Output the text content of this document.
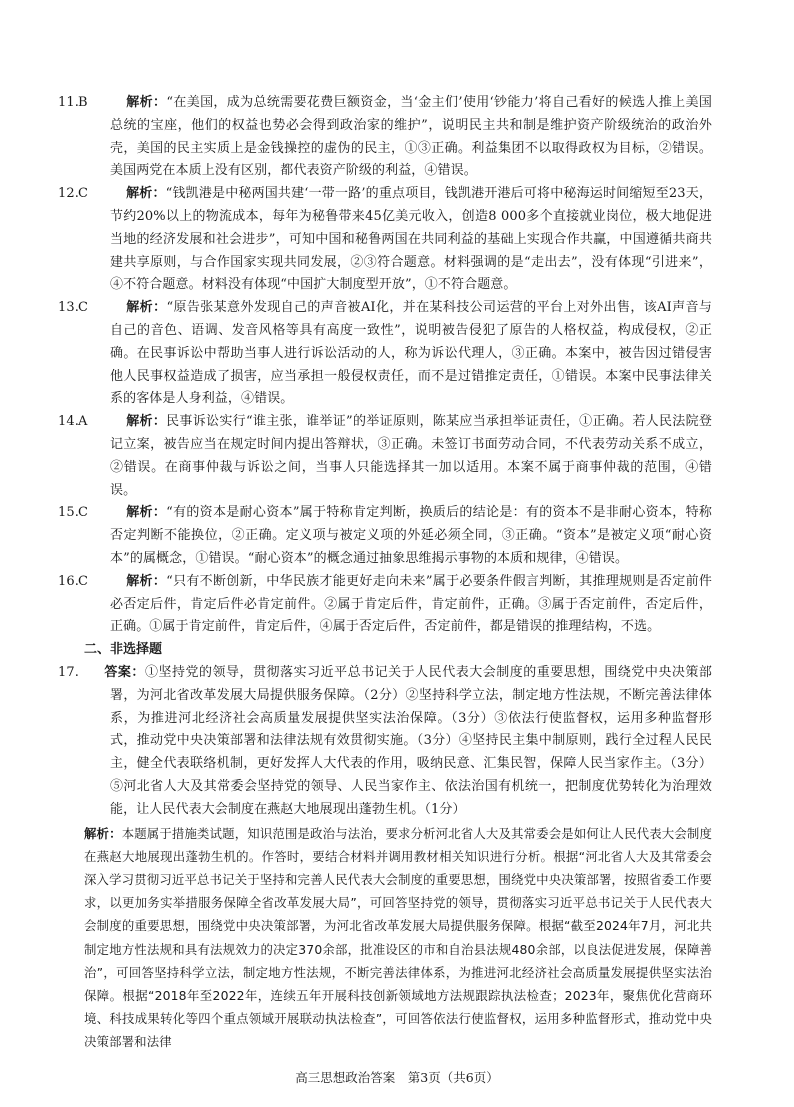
11.B	解析：“在美国，成为总统需要花费巨额资金，当‘金主们’使用‘钞能力’将自己看好的候选人推上美国总统的宝座，他们的权益也势必会得到政治家的维护”，说明民主共和制是维护资产阶级统治的政治外壳，美国的民主实质上是金钱操控的虚伪的民主，①③正确。利益集团不以取得政权为目标，②错误。美国两党在本质上没有区别，都代表资产阶级的利益，④错误。
12.C	解析：“钱凯港是中秘两国共建‘一带一路’的重点项目，钱凯港开港后可将中秘海运时间缩短至23天，节约20%以上的物流成本，每年为秘鲁带来45亿美元收入，创造8 000多个直接就业岗位，极大地促进当地的经济发展和社会进步”，可知中国和秘鲁两国在共同利益的基础上实现合作共赢，中国遵循共商共建共享原则，与合作国家实现共同发展，②③符合题意。材料强调的是“走出去”，没有体现“引进来”，④不符合题意。材料没有体现“中国扩大制度型开放”，①不符合题意。
13.C	解析：“原告张某意外发现自己的声音被AI化，并在某科技公司运营的平台上对外出售，该AI声音与自己的音色、语调、发音风格等具有高度一致性”，说明被告侵犯了原告的人格权益，构成侵权，②正确。在民事诉讼中帮助当事人进行诉讼活动的人，称为诉讼代理人，③正确。本案中，被告因过错侵害他人民事权益造成了损害，应当承担一般侵权责任，而不是过错推定责任，①错误。本案中民事法律关系的客体是人身利益，④错误。
14.A	解析：民事诉讼实行“谁主张，谁举证”的举证原则，陈某应当承担举证责任，①正确。若人民法院登记立案，被告应当在规定时间内提出答辩状，③正确。未签订书面劳动合同，不代表劳动关系不成立，②错误。在商事仲裁与诉讼之间，当事人只能选择其一加以适用。本案不属于商事仲裁的范围，④错误。
15.C	解析：“有的资本是耐心资本”属于特称肯定判断，换质后的结论是：有的资本不是非耐心资本，特称否定判断不能换位，②正确。定义项与被定义项的外延必须全同，③正确。“资本”是被定义项“耐心资本”的属概念，①错误。“耐心资本”的概念通过抽象思维揭示事物的本质和规律，④错误。
16.C	解析：“只有不断创新，中华民族才能更好走向未来”属于必要条件假言判断，其推理规则是否定前件必否定后件，肯定后件必肯定前件。②属于肯定后件，肯定前件，正确。③属于否定前件，否定后件，正确。①属于肯定前件，肯定后件，④属于否定后件，否定前件，都是错误的推理结构，不选。

二、非选择题

17. 答案：①坚持党的领导，贯彻落实习近平总书记关于人民代表大会制度的重要思想，围绕党中央决策部署，为河北省改革发展大局提供服务保障。（2分）②坚持科学立法，制定地方性法规，不断完善法律体系，为推进河北经济社会高质量发展提供坚实法治保障。（3分）③依法行使监督权，运用多种监督形式，推动党中央决策部署和法律法规有效贯彻实施。（3分）④坚持民主集中制原则，践行全过程人民民主，健全代表联络机制，更好发挥人大代表的作用，吸纳民意、汇集民智，保障人民当家作主。（3分）⑤河北省人大及其常委会坚持党的领导、人民当家作主、依法治国有机统一，把制度优势转化为治理效能，让人民代表大会制度在燕赵大地展现出蓬勃生机。（1分）
解析：本题属于措施类试题，知识范围是政治与法治，要求分析河北省人大及其常委会是如何让人民代表大会制度在燕赵大地展现出蓬勃生机的。作答时，要结合材料并调用教材相关知识进行分析。根据“河北省人大及其常委会深入学习贯彻习近平总书记关于坚持和完善人民代表大会制度的重要思想，围绕党中央决策部署，按照省委工作要求，以更加务实举措服务保障全省改革发展大局”，可回答坚持党的领导，贯彻落实习近平总书记关于人民代表大会制度的重要思想，围绕党中央决策部署，为河北省改革发展大局提供服务保障。根据“截至2024年7月，河北共制定地方性法规和具有法规效力的决定370余部，批准设区的市和自治县法规480余部，以良法促进发展，保障善治”，可回答坚持科学立法，制定地方性法规，不断完善法律体系，为推进河北经济社会高质量发展提供坚实法治保障。根据“2018年至2022年，连续五年开展科技创新领域地方法规跟踪执法检查；2023年，聚焦优化营商环境、科技成果转化等四个重点领域开展联动执法检查”，可回答依法行使监督权，运用多种监督形式，推动党中央决策部署和法律
高三思想政治答案　第3页（共6页）
